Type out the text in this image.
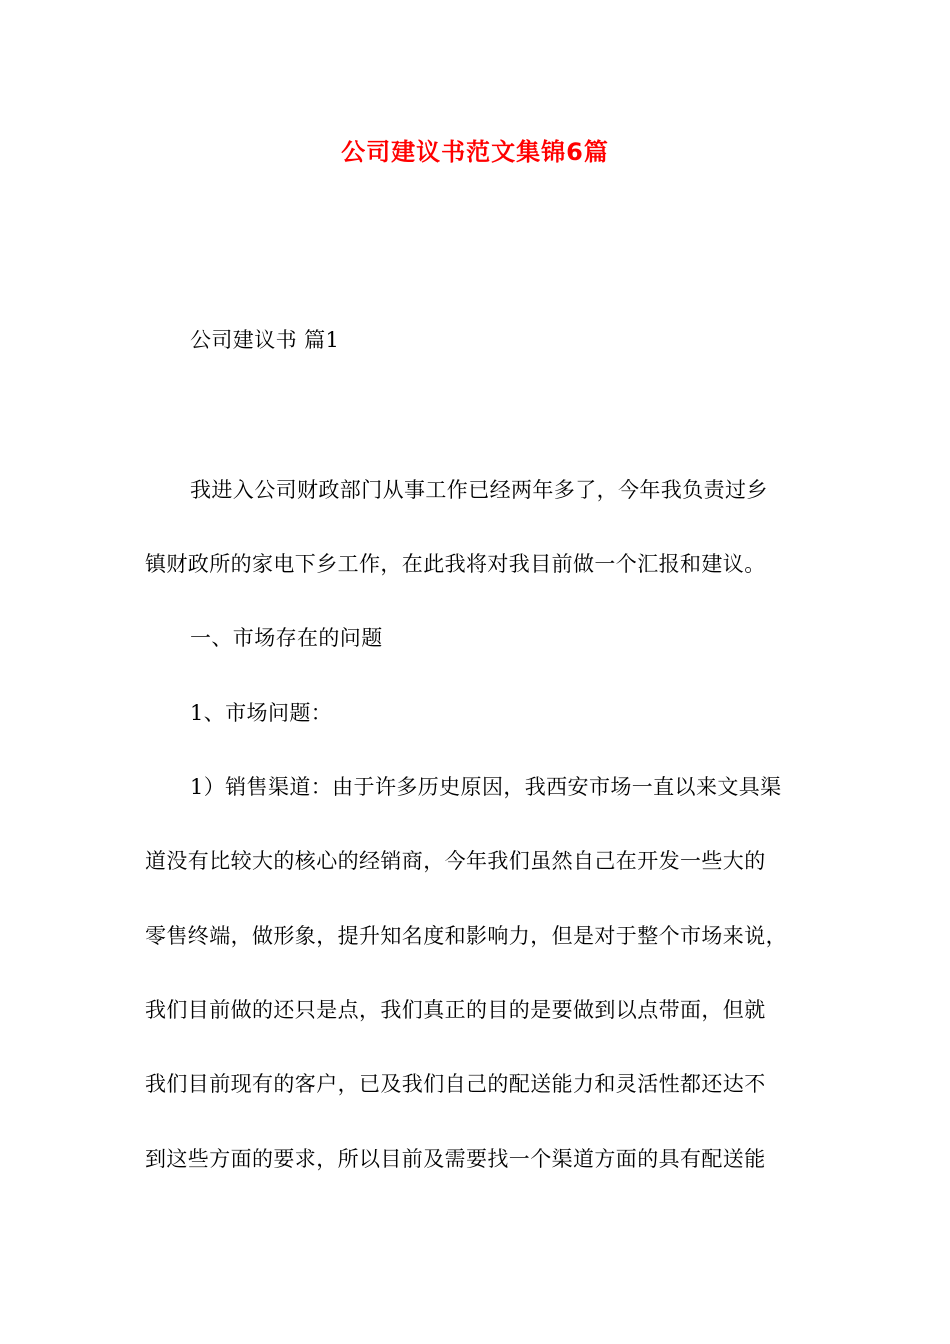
公司建议书范文集锦6篇
公司建议书 篇1
我进入公司财政部门从事工作已经两年多了，今年我负责过乡
镇财政所的家电下乡工作，在此我将对我目前做一个汇报和建议。
一、市场存在的问题
1、市场问题：
1）销售渠道：由于许多历史原因，我西安市场一直以来文具渠
道没有比较大的核心的经销商，今年我们虽然自己在开发一些大的
零售终端，做形象，提升知名度和影响力，但是对于整个市场来说，
我们目前做的还只是点，我们真正的目的是要做到以点带面，但就
我们目前现有的客户，已及我们自己的配送能力和灵活性都还达不
到这些方面的要求，所以目前及需要找一个渠道方面的具有配送能
